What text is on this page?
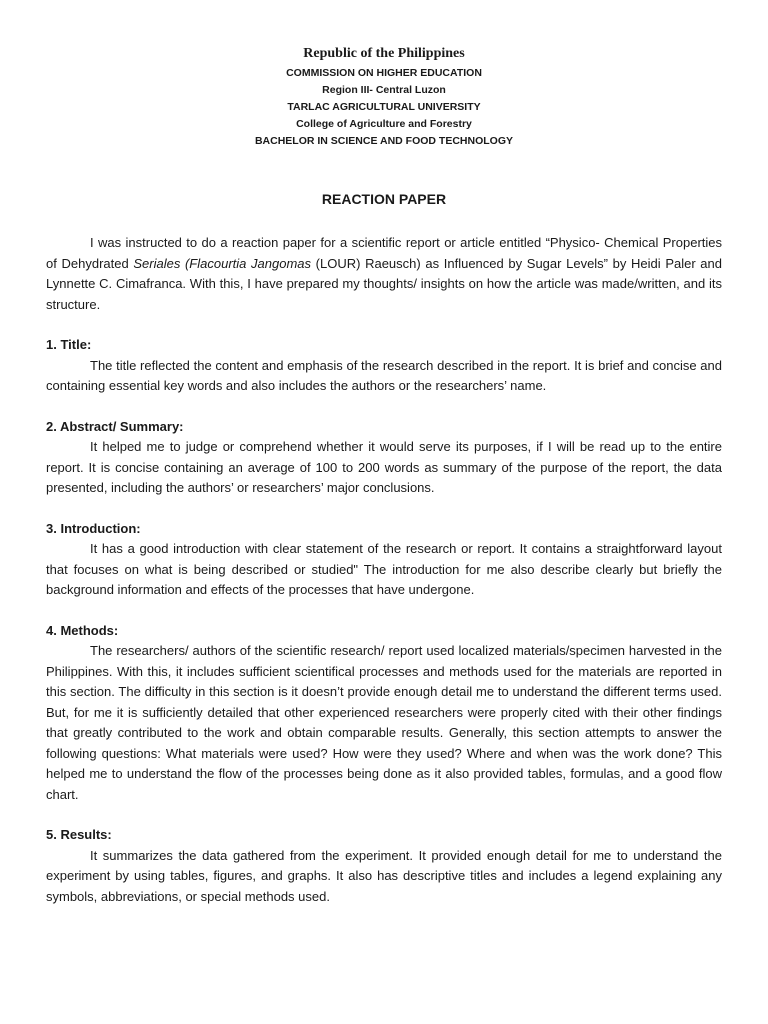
Republic of the Philippines
COMMISSION ON HIGHER EDUCATION
Region III- Central Luzon
TARLAC AGRICULTURAL UNIVERSITY
College of Agriculture and Forestry
BACHELOR IN SCIENCE AND FOOD TECHNOLOGY
REACTION PAPER

I was instructed to do a reaction paper for a scientific report or article entitled “Physico- Chemical Properties of Dehydrated Seriales (Flacourtia Jangomas (LOUR) Raeusch) as Influenced by Sugar Levels” by Heidi Paler and Lynnette C. Cimafranca. With this, I have prepared my thoughts/ insights on how the article was made/written, and its structure.

1. Title:

The title reflected the content and emphasis of the research described in the report. It is brief and concise and containing essential key words and also includes the authors or the researchers’ name.

2. Abstract/ Summary:

It helped me to judge or comprehend whether it would serve its purposes, if I will be read up to the entire report. It is concise containing an average of 100 to 200 words as summary of the purpose of the report, the data presented, including the authors’ or researchers’ major conclusions.

3. Introduction:

It has a good introduction with clear statement of the research or report. It contains a straightforward layout that focuses on what is being described or studied" The introduction for me also describe clearly but briefly the background information and effects of the processes that have undergone.

4. Methods:

The researchers/ authors of the scientific research/ report used localized materials/specimen harvested in the Philippines. With this, it includes sufficient scientifical processes and methods used for the materials are reported in this section. The difficulty in this section is it doesn’t provide enough detail me to understand the different terms used. But, for me it is sufficiently detailed that other experienced researchers were properly cited with their other findings that greatly contributed to the work and obtain comparable results. Generally, this section attempts to answer the following questions: What materials were used? How were they used? Where and when was the work done? This helped me to understand the flow of the processes being done as it also provided tables, formulas, and a good flow chart.

5. Results:

It summarizes the data gathered from the experiment. It provided enough detail for me to understand the experiment by using tables, figures, and graphs. It also has descriptive titles and includes a legend explaining any symbols, abbreviations, or special methods used.
